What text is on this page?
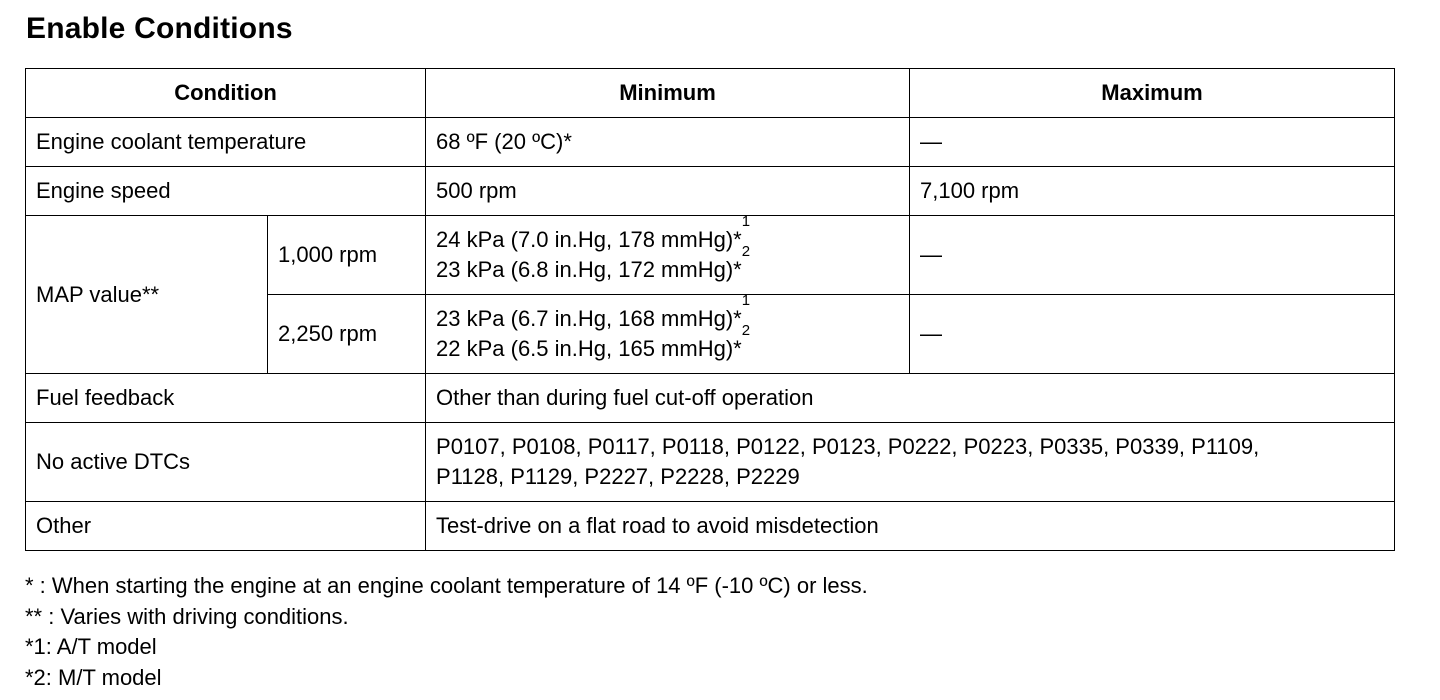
Enable Conditions
Condition		Minimum	Maximum
Engine coolant temperature		68 ºF (20 ºC)*	—
Engine speed		500 rpm	7,100 rpm
MAP value**	1,000 rpm	24 kPa (7.0 in.Hg, 178 mmHg)*$^1$
23 kPa (6.8 in.Hg, 172 mmHg)*$^2$	—
	2,250 rpm	23 kPa (6.7 in.Hg, 168 mmHg)*$^1$
22 kPa (6.5 in.Hg, 165 mmHg)*$^2$	—
Fuel feedback		Other than during fuel cut-off operation	
No active DTCs		P0107, P0108, P0117, P0118, P0122, P0123, P0222, P0223, P0335, P0339, P1109,
P1128, P1129, P2227, P2228, P2229	

Other		Test-drive on a flat road to avoid misdetection	
* : When starting the engine at an engine coolant temperature of 14 ºF (-10 ºC) or less.
** : Varies with driving conditions.
*1: A/T model
*2: M/T model
